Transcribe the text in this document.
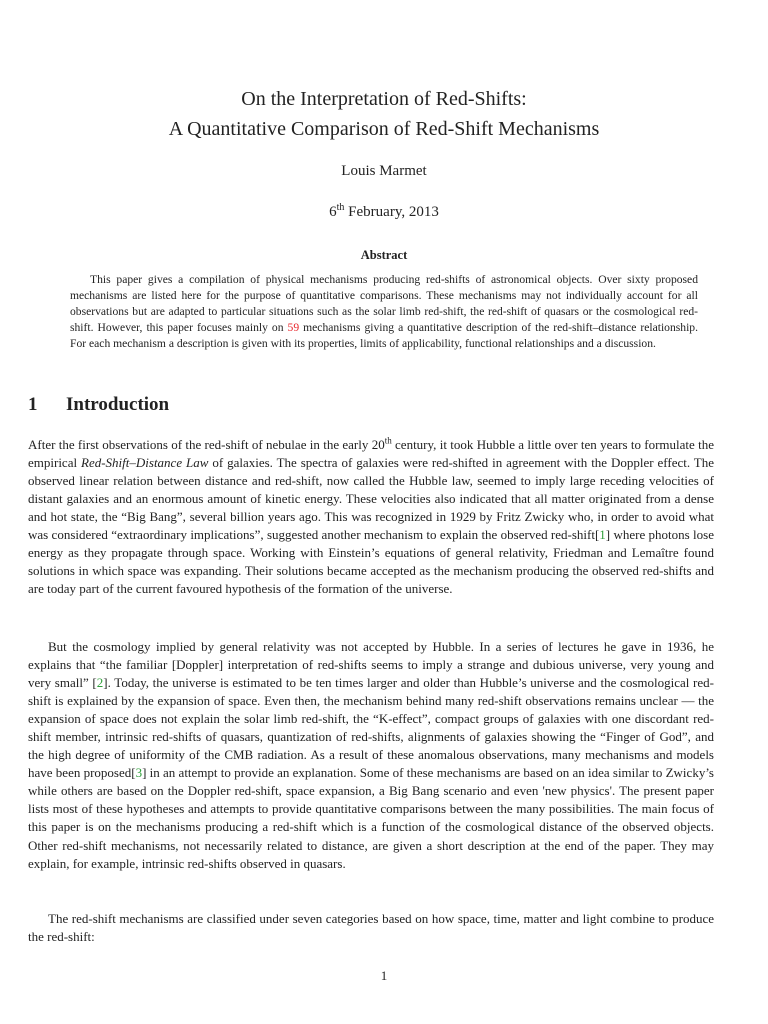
On the Interpretation of Red-Shifts:
A Quantitative Comparison of Red-Shift Mechanisms
Louis Marmet
6th February, 2013
Abstract

This paper gives a compilation of physical mechanisms producing red-shifts of astronomical objects. Over sixty proposed mechanisms are listed here for the purpose of quantitative comparisons. These mechanisms may not individually account for all observations but are adapted to particular situations such as the solar limb red-shift, the red-shift of quasars or the cosmological red-shift. However, this paper focuses mainly on 59 mechanisms giving a quantitative description of the red-shift–distance relationship. For each mechanism a description is given with its properties, limits of applicability, functional relationships and a discussion.

1 Introduction

After the first observations of the red-shift of nebulae in the early 20th century, it took Hubble a little over ten years to formulate the empirical Red-Shift–Distance Law of galaxies. The spectra of galaxies were red-shifted in agreement with the Doppler effect. The observed linear relation between distance and red-shift, now called the Hubble law, seemed to imply large receding velocities of distant galaxies and an enormous amount of kinetic energy. These velocities also indicated that all matter originated from a dense and hot state, the “Big Bang”, several billion years ago. This was recognized in 1929 by Fritz Zwicky who, in order to avoid what was considered “extraordinary implications”, suggested another mechanism to explain the observed red-shift[1] where photons lose energy as they propagate through space. Working with Einstein’s equations of general relativity, Friedman and Lemaître found solutions in which space was expanding. Their solutions became accepted as the mechanism producing the observed red-shifts and are today part of the current favoured hypothesis of the formation of the universe.

But the cosmology implied by general relativity was not accepted by Hubble. In a series of lectures he gave in 1936, he explains that “the familiar [Doppler] interpretation of red-shifts seems to imply a strange and dubious universe, very young and very small” [2]. Today, the universe is estimated to be ten times larger and older than Hubble’s universe and the cosmological red-shift is explained by the expansion of space. Even then, the mechanism behind many red-shift observations remains unclear — the expansion of space does not explain the solar limb red-shift, the “K-effect”, compact groups of galaxies with one discordant red-shift member, intrinsic red-shifts of quasars, quantization of red-shifts, alignments of galaxies showing the “Finger of God”, and the high degree of uniformity of the CMB radiation. As a result of these anomalous observations, many mechanisms and models have been proposed[3] in an attempt to provide an explanation. Some of these mechanisms are based on an idea similar to Zwicky’s while others are based on the Doppler red-shift, space expansion, a Big Bang scenario and even 'new physics'. The present paper lists most of these hypotheses and attempts to provide quantitative comparisons between the many possibilities. The main focus of this paper is on the mechanisms producing a red-shift which is a function of the cosmological distance of the observed objects. Other red-shift mechanisms, not necessarily related to distance, are given a short description at the end of the paper. They may explain, for example, intrinsic red-shifts observed in quasars.

The red-shift mechanisms are classified under seven categories based on how space, time, matter and light combine to produce the red-shift:

1
